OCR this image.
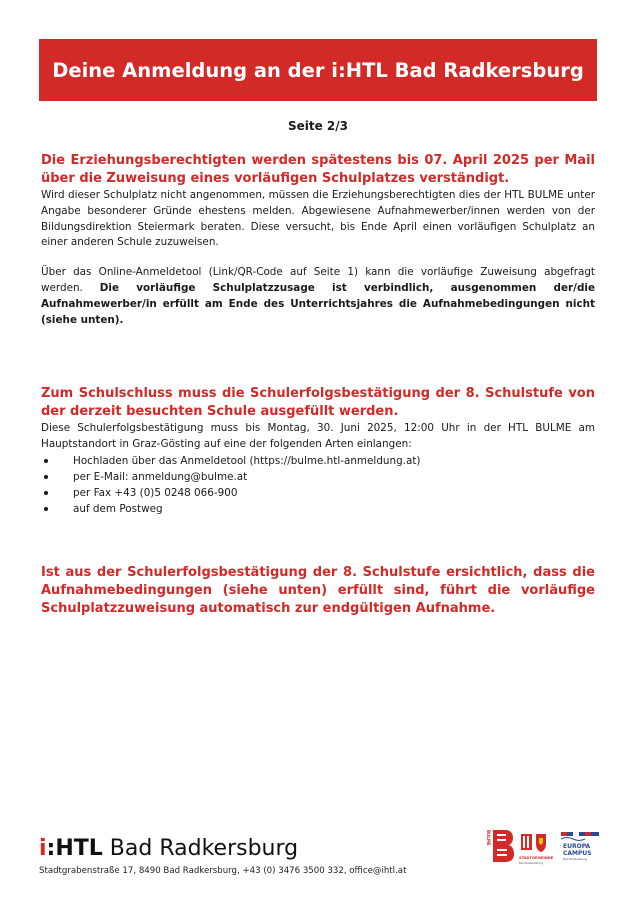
Deine Anmeldung an der i:HTL Bad Radkersburg
Seite 2/3

Die Erziehungsberechtigten werden spätestens bis 07. April 2025 per Mail über die Zuweisung eines vorläufigen Schulplatzes verständigt.

Wird dieser Schulplatz nicht angenommen, müssen die Erziehungsberechtigten dies der HTL BULME unter Angabe besonderer Gründe ehestens melden. Abgewiesene Aufnahmewerber/innen werden von der Bildungsdirektion Steiermark beraten. Diese versucht, bis Ende April einen vorläufigen Schulplatz an einer anderen Schule zuzuweisen.

Über das Online-Anmeldetool (Link/QR-Code auf Seite 1) kann die vorläufige Zuweisung abgefragt werden. Die vorläufige Schulplatzzusage ist verbindlich, ausgenommen der/die Aufnahmewerber/in erfüllt am Ende des Unterrichtsjahres die Aufnahmebedingungen nicht (siehe unten).

Zum Schulschluss muss die Schulerfolgsbestätigung der 8. Schulstufe von der derzeit besuchten Schule ausgefüllt werden.

Diese Schulerfolgsbestätigung muss bis Montag, 30. Juni 2025, 12:00 Uhr in der HTL BULME am Hauptstandort in Graz-Gösting auf eine der folgenden Arten einlangen:

Hochladen über das Anmeldetool (https://bulme.htl-anmeldung.at)
per E-Mail: anmeldung@bulme.at
per Fax +43 (0)5 0248 066-900
auf dem Postweg

Ist aus der Schulerfolgsbestätigung der 8. Schulstufe ersichtlich, dass die Aufnahmebedingungen (siehe unten) erfüllt sind, führt die vorläufige Schulplatzzuweisung automatisch zur endgültigen Aufnahme.

i:HTL Bad Radkersburg
Stadtgrabenstraße 17, 8490 Bad Radkersburg, +43 (0) 3476 3500 332, office@ihtl.at
BULME
STADTGEMEINDE
Bad Radkersburg
EUROPA
CAMPUS
Bad Radkersburg
